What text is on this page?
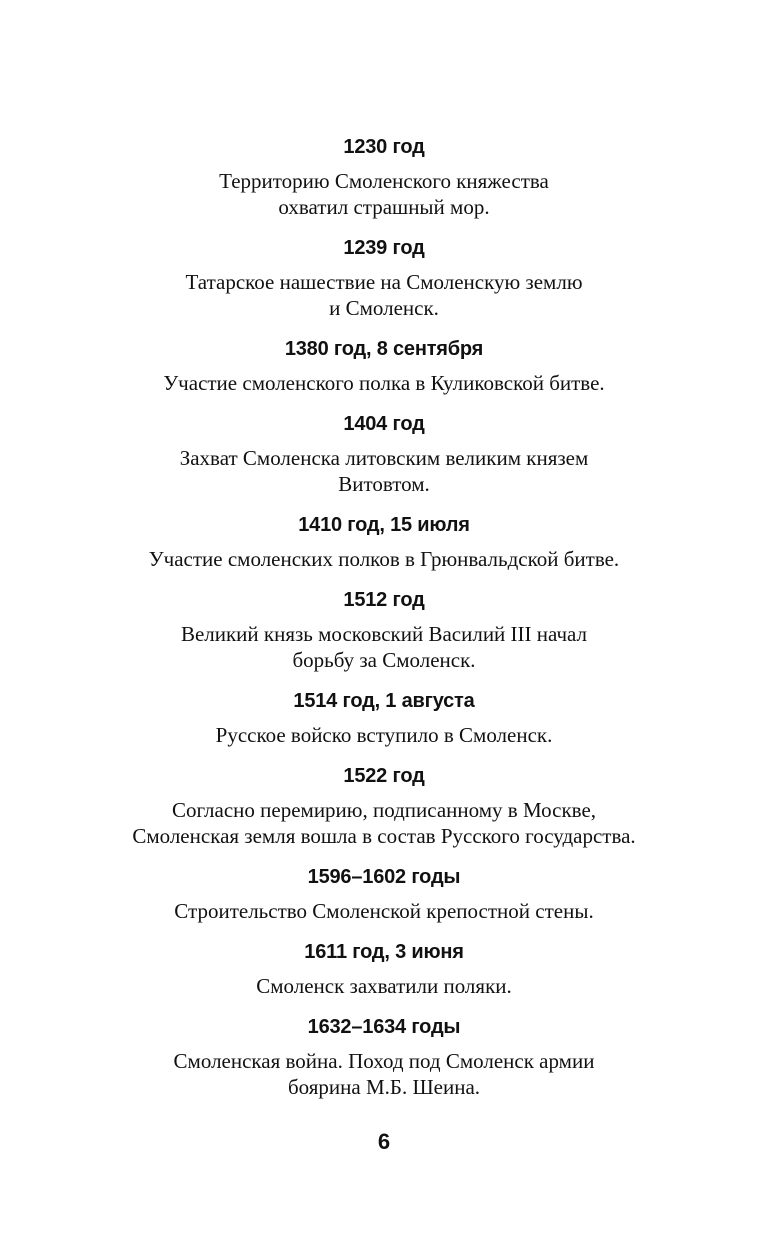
1230 год
Территорию Смоленского княжества
охватил страшный мор.
1239 год
Татарское нашествие на Смоленскую землю
и Смоленск.
1380 год, 8 сентября
Участие смоленского полка в Куликовской битве.
1404 год
Захват Смоленска литовским великим князем
Витовтом.
1410 год, 15 июля
Участие смоленских полков в Грюнвальдской битве.
1512 год
Великий князь московский Василий III начал
борьбу за Смоленск.
1514 год, 1 августа
Русское войско вступило в Смоленск.
1522 год
Согласно перемирию, подписанному в Москве,
Смоленская земля вошла в состав Русского государства.
1596–1602 годы
Строительство Смоленской крепостной стены.
1611 год, 3 июня
Смоленск захватили поляки.
1632–1634 годы
Смоленская война. Поход под Смоленск армии
боярина М.Б. Шеина.
6
